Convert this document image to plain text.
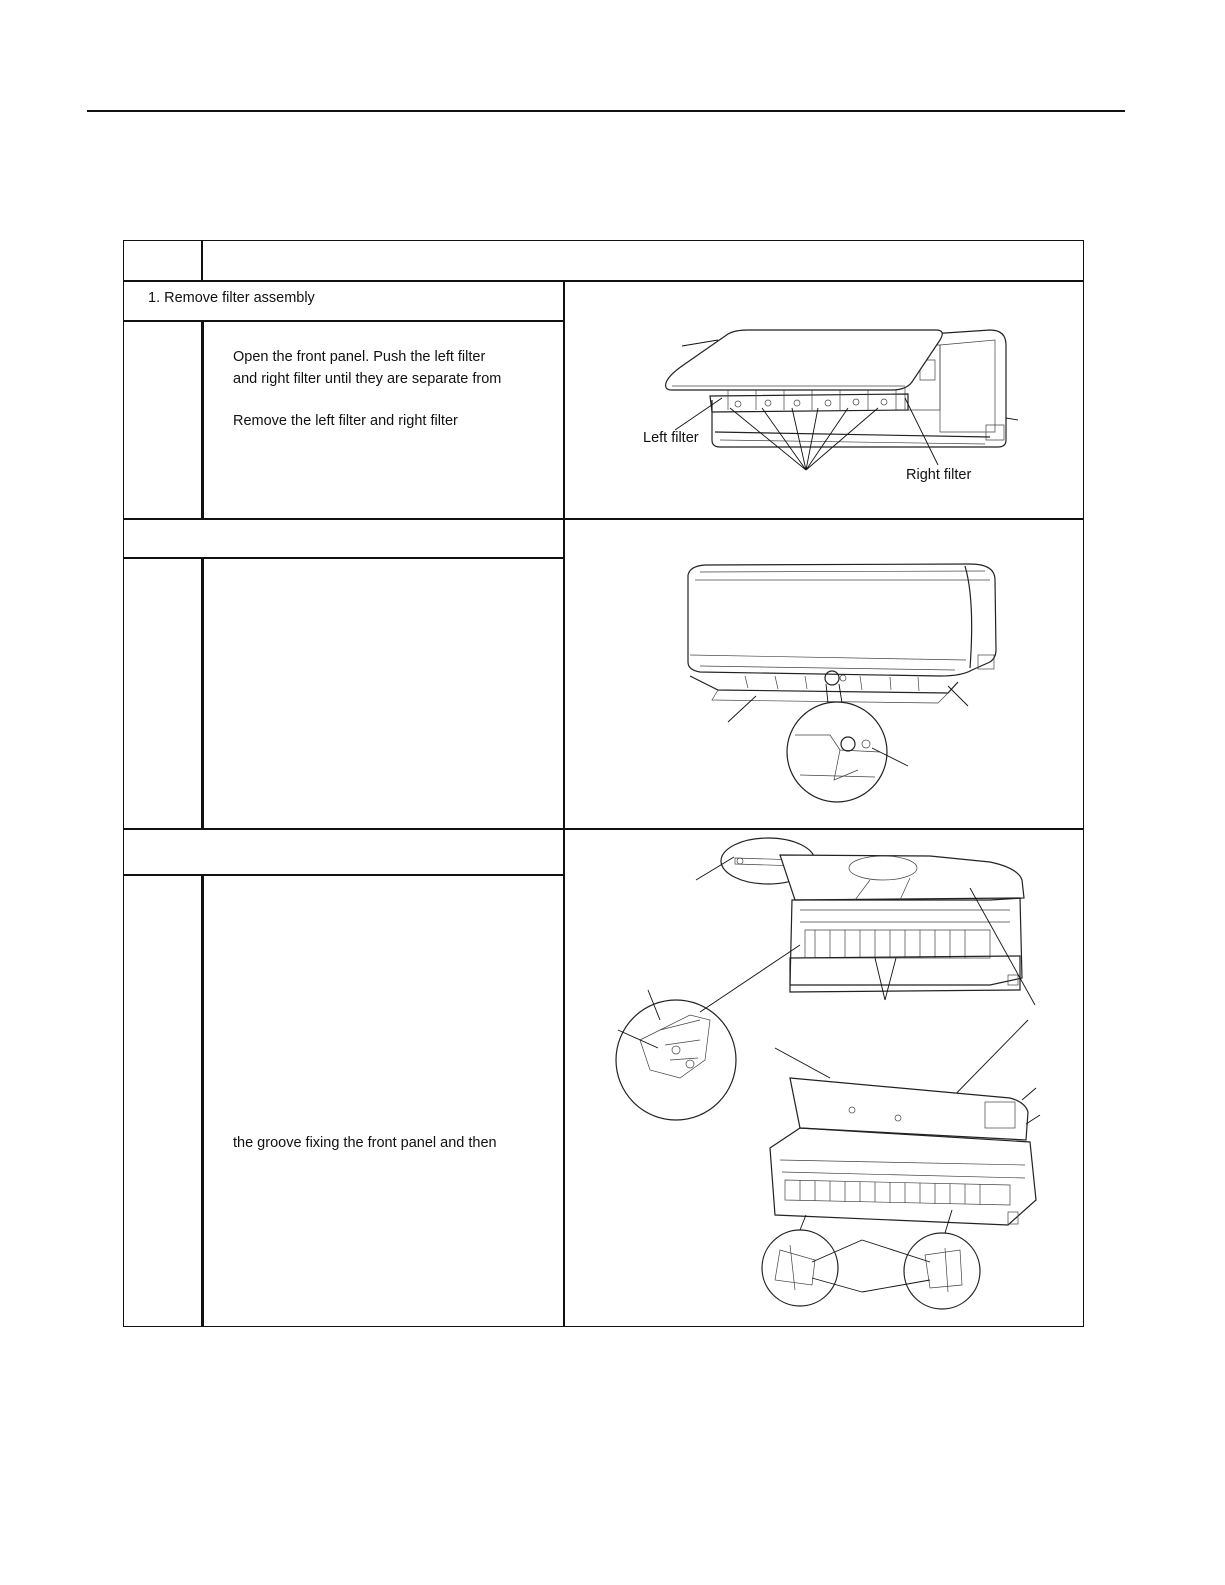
1. Remove filter assembly
Open the front panel. Push the left filter
and right filter until they are separate from
Remove the left filter and right filter
the groove fixing the front panel and then
Left filter
Right filter
